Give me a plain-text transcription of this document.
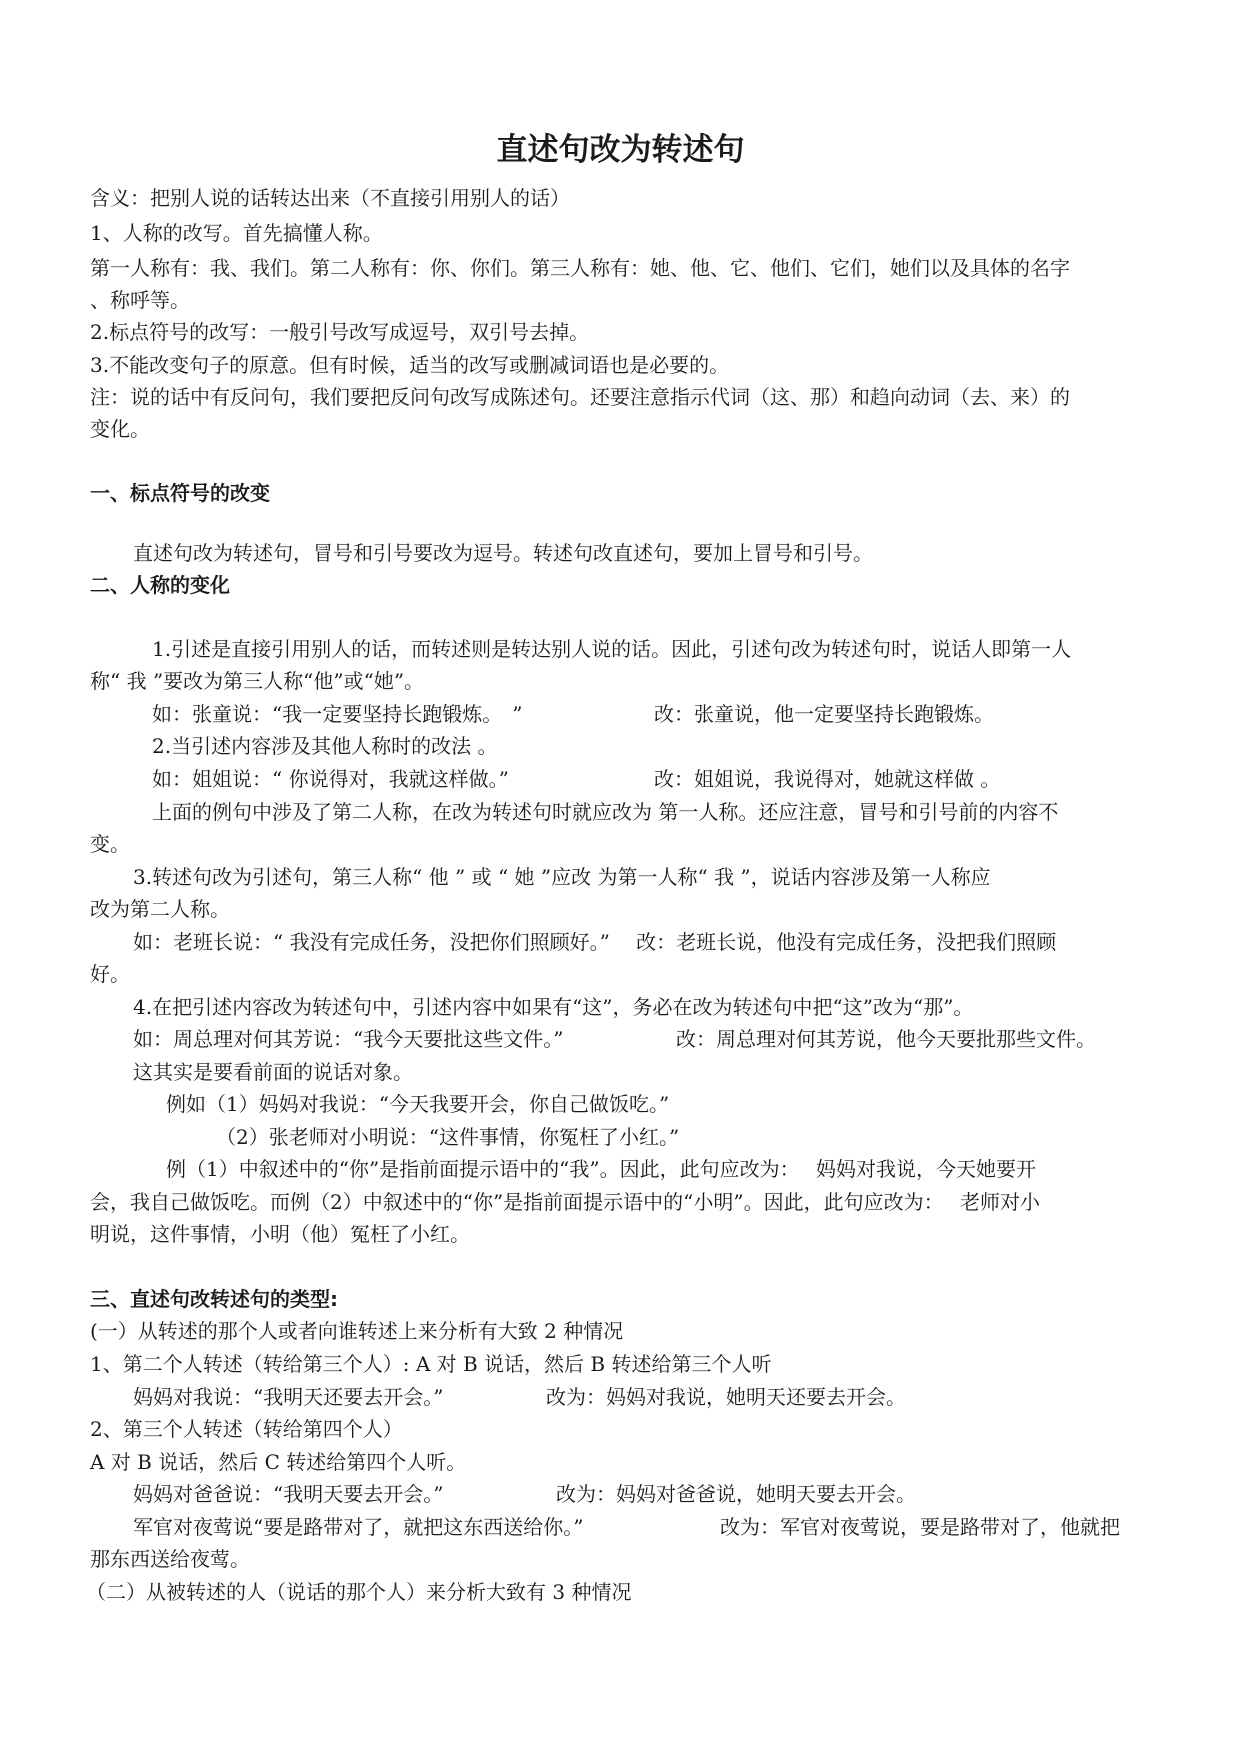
直述句改为转述句

含义：把别人说的话转达出来（不直接引用别人的话）

1、人称的改写。首先搞懂人称。

第一人称有：我、我们。第二人称有：你、你们。第三人称有：她、他、它、他们、它们，她们以及具体的名字

、称呼等。

2.标点符号的改写：一般引号改写成逗号，双引号去掉。

3.不能改变句子的原意。但有时候，适当的改写或删减词语也是必要的。

注：说的话中有反问句，我们要把反问句改写成陈述句。还要注意指示代词（这、那）和趋向动词（去、来）的

变化。

一、标点符号的改变

直述句改为转述句，冒号和引号要改为逗号。转述句改直述句，要加上冒号和引号。

二、人称的变化

1.引述是直接引用别人的话，而转述则是转达别人说的话。因此，引述句改为转述句时，说话人即第一人

称“ 我 ”要改为第三人称“他”或“她”。

如：张童说：“我一定要坚持长跑锻炼。　”	改：张童说，他一定要坚持长跑锻炼。

2.当引述内容涉及其他人称时的改法 。

如：姐姐说：“ 你说得对，我就这样做。”	改：姐姐说，我说得对，她就这样做 。

上面的例句中涉及了第二人称，在改为转述句时就应改为 第一人称。还应注意，冒号和引号前的内容不

变。

3.转述句改为引述句，第三人称“ 他 ” 或 “ 她 ”应改 为第一人称“ 我 ”，说话内容涉及第一人称应

改为第二人称。

如：老班长说：“ 我没有完成任务，没把你们照顾好。”　 改：老班长说，他没有完成任务，没把我们照顾

好。

4.在把引述内容改为转述句中，引述内容中如果有“这”，务必在改为转述句中把“这”改为“那”。

如：周总理对何其芳说：“我今天要批这些文件。”	改：周总理对何其芳说，他今天要批那些文件。

这其实是要看前面的说话对象。

例如（1）妈妈对我说：“今天我要开会，你自己做饭吃。”

（2）张老师对小明说：“这件事情，你冤枉了小红。”

例（1）中叙述中的“你”是指前面提示语中的“我”。因此，此句应改为：　 妈妈对我说，今天她要开

会，我自己做饭吃。而例（2）中叙述中的“你”是指前面提示语中的“小明”。因此，此句应改为：　 老师对小

明说，这件事情，小明（他）冤枉了小红。

三、直述句改转述句的类型:

(一）从转述的那个人或者向谁转述上来分析有大致 2 种情况

1、第二个人转述（转给第三个人）: A 对 B 说话，然后 B 转述给第三个人听

妈妈对我说：“我明天还要去开会。”	改为：妈妈对我说，她明天还要去开会。

2、第三个人转述（转给第四个人）

A 对 B 说话，然后 C 转述给第四个人听。

妈妈对爸爸说：“我明天要去开会。”	改为：妈妈对爸爸说，她明天要去开会。

军官对夜莺说“要是路带对了，就把这东西送给你。”	改为：军官对夜莺说，要是路带对了，他就把

那东西送给夜莺。

（二）从被转述的人（说话的那个人）来分析大致有 3 种情况
